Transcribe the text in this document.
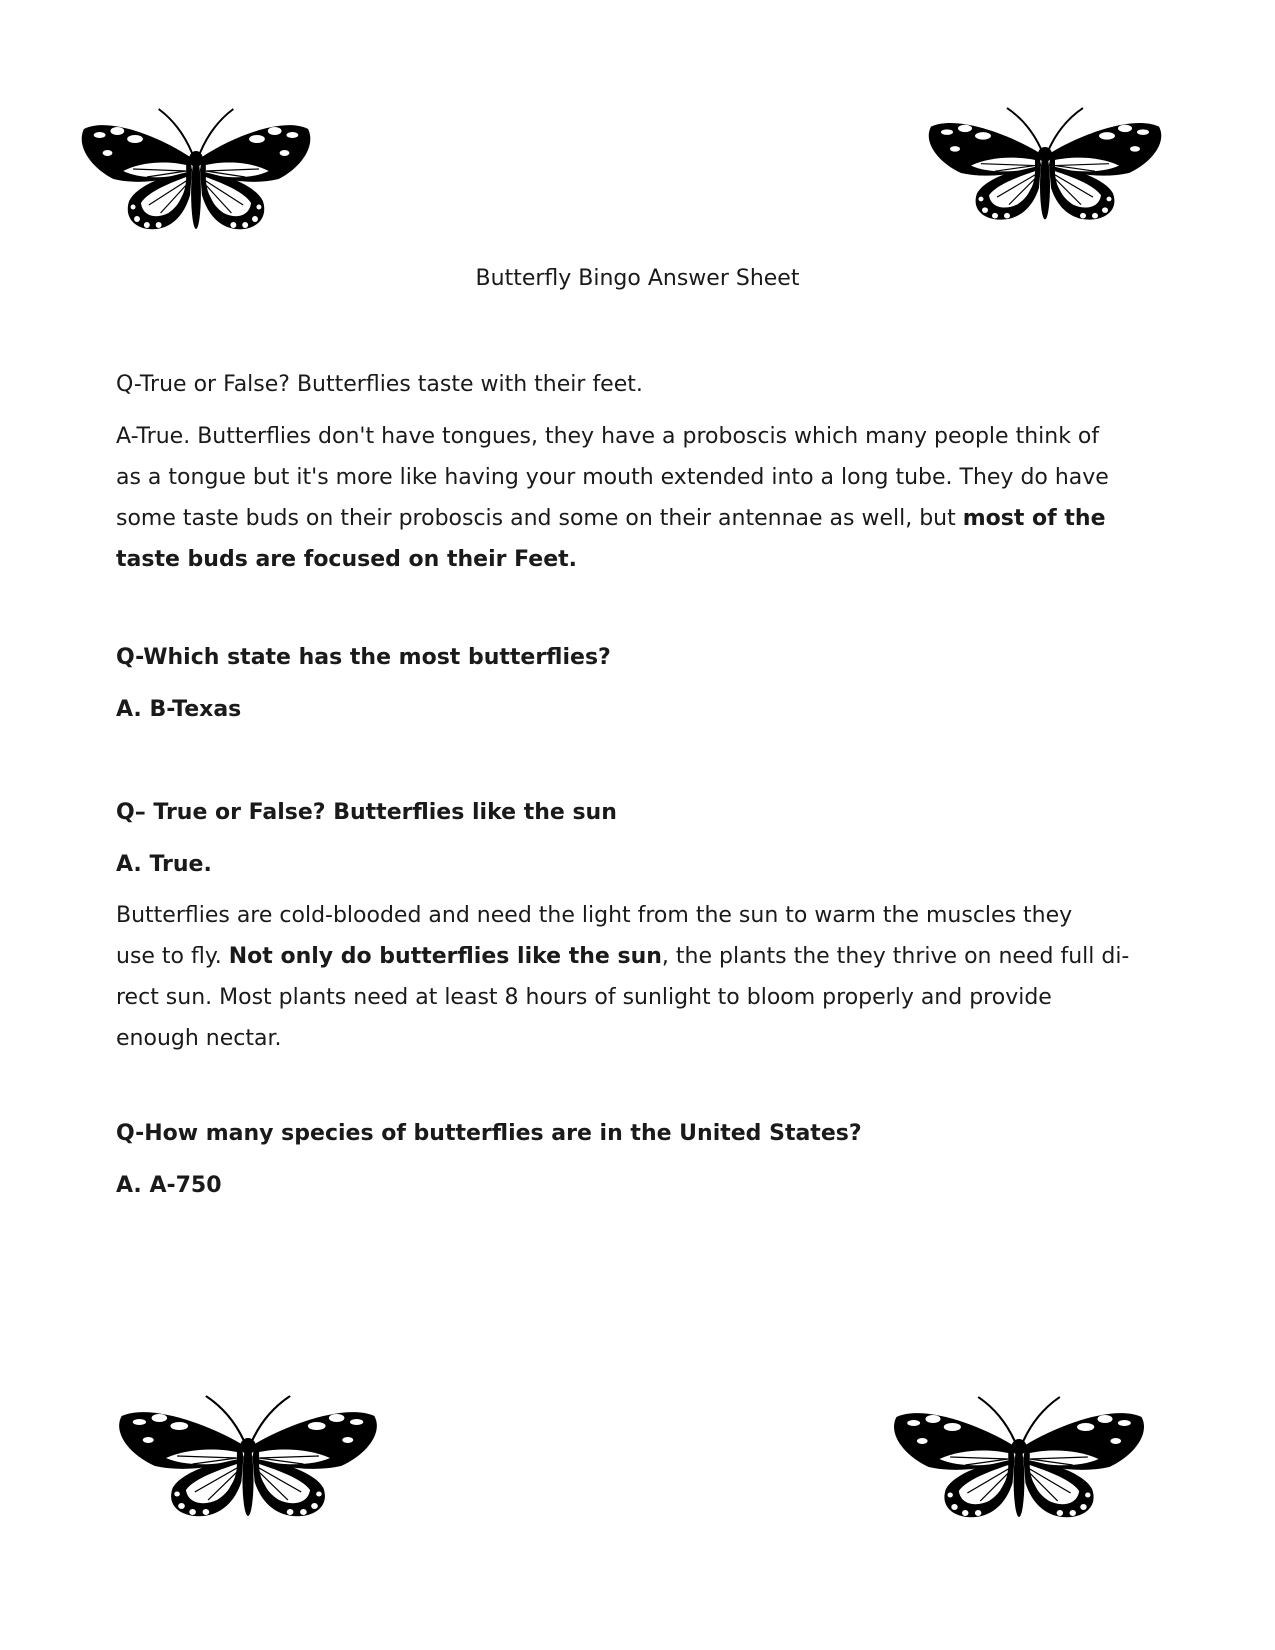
Butterfly Bingo Answer Sheet

Q-True or False? Butterflies taste with their feet.

A-True. Butterflies don't have tongues, they have a proboscis which many people think of
as a tongue but it's more like having your mouth extended into a long tube. They do have
some taste buds on their proboscis and some on their antennae as well, but most of the
taste buds are focused on their Feet.

Q-Which state has the most butterflies?

A. B-Texas

Q– True or False? Butterflies like the sun

A. True.

Butterflies are cold-blooded and need the light from the sun to warm the muscles they
use to fly. Not only do butterflies like the sun, the plants the they thrive on need full di-
rect sun. Most plants need at least 8 hours of sunlight to bloom properly and provide
enough nectar.

Q-How many species of butterflies are in the United States?

A. A-750
